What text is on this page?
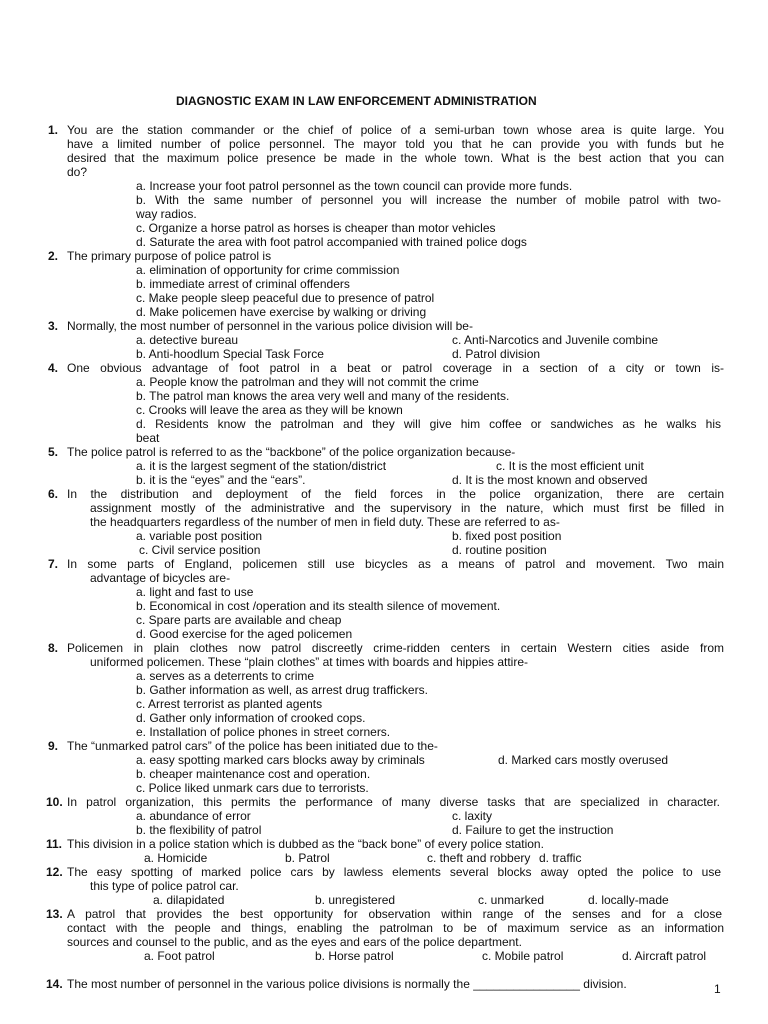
DIAGNOSTIC EXAM IN LAW ENFORCEMENT ADMINISTRATION
1. You are the station commander or the chief of police of a semi-urban town whose area is quite large. You
have a limited number of police personnel. The mayor told you that he can provide you with funds but he
desired that the maximum police presence be made in the whole town. What is the best action that you can
do?
a. Increase your foot patrol personnel as the town council can provide more funds.
b. With the same number of personnel you will increase the number of mobile patrol with two-
way radios.
c. Organize a horse patrol as horses is cheaper than motor vehicles
d. Saturate the area with foot patrol accompanied with trained police dogs
2. The primary purpose of police patrol is
a. elimination of opportunity for crime commission
b. immediate arrest of criminal offenders
c. Make people sleep peaceful due to presence of patrol
d. Make policemen have exercise by walking or driving
3. Normally, the most number of personnel in the various police division will be-
a. detective bureau	c. Anti-Narcotics and Juvenile combine
b. Anti-hoodlum Special Task Force	d. Patrol division
4. One obvious advantage of foot patrol in a beat or patrol coverage in a section of a city or town is-
a. People know the patrolman and they will not commit the crime
b. The patrol man knows the area very well and many of the residents.
c. Crooks will leave the area as they will be known
d. Residents know the patrolman and they will give him coffee or sandwiches as he walks his
beat
5. The police patrol is referred to as the “backbone” of the police organization because-
a. it is the largest segment of the station/district	c. It is the most efficient unit
b. it is the “eyes” and the “ears”.	d. It is the most known and observed
6. In the distribution and deployment of the field forces in the police organization, there are certain
assignment mostly of the administrative and the supervisory in the nature, which must first be filled in
the headquarters regardless of the number of men in field duty. These are referred to as-
a. variable post position	b. fixed post position
c. Civil service position	d. routine position
7. In some parts of England, policemen still use bicycles as a means of patrol and movement. Two main
advantage of bicycles are-
a. light and fast to use
b. Economical in cost /operation and its stealth silence of movement.
c. Spare parts are available and cheap
d. Good exercise for the aged policemen
8. Policemen in plain clothes now patrol discreetly crime-ridden centers in certain Western cities aside from
uniformed policemen. These “plain clothes” at times with boards and hippies attire-
a. serves as a deterrents to crime
b. Gather information as well, as arrest drug traffickers.
c. Arrest terrorist as planted agents
d. Gather only information of crooked cops.
e. Installation of police phones in street corners.
9. The “unmarked patrol cars” of the police has been initiated due to the-
a. easy spotting marked cars blocks away by criminals	d. Marked cars mostly overused
b. cheaper maintenance cost and operation.
c. Police liked unmark cars due to terrorists.
10. In patrol organization, this permits the performance of many diverse tasks that are specialized in character.
a. abundance of error	c. laxity
b. the flexibility of patrol	d. Failure to get the instruction
11. This division in a police station which is dubbed as the “back bone” of every police station.
a. Homicide	b. Patrol	c. theft and robbery d. traffic
12. The easy spotting of marked police cars by lawless elements several blocks away opted the police to use
this type of police patrol car.
a. dilapidated	b. unregistered	c. unmarked	d. locally-made
13. A patrol that provides the best opportunity for observation within range of the senses and for a close
contact with the people and things, enabling the patrolman to be of maximum service as an information
sources and counsel to the public, and as the eyes and ears of the police department.
a. Foot patrol	b. Horse patrol	c. Mobile patrol	d. Aircraft patrol
14. The most number of personnel in the various police divisions is normally the ________________ division.	1
